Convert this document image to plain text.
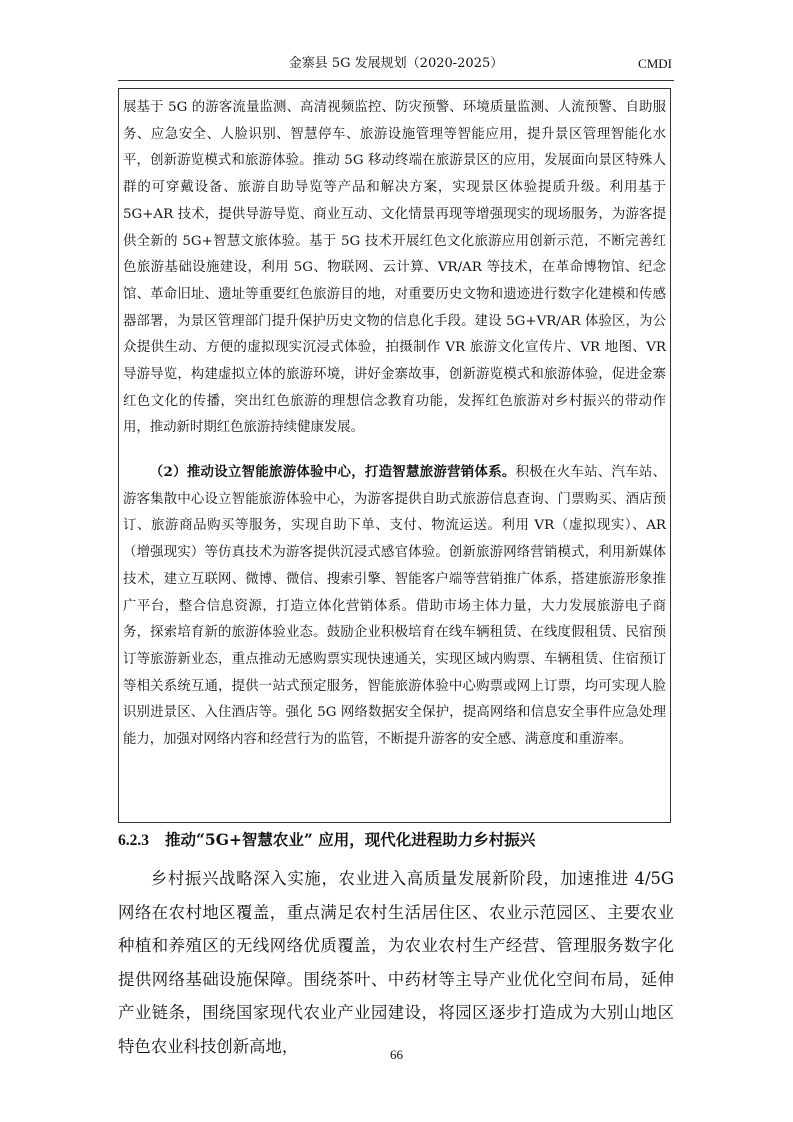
金寨县 5G 发展规划（2020-2025）	CMDI

展基于 5G 的游客流量监测、高清视频监控、防灾预警、环境质量监测、人流预警、自助服务、应急安全、人脸识别、智慧停车、旅游设施管理等智能应用，提升景区管理智能化水平，创新游览模式和旅游体验。推动 5G 移动终端在旅游景区的应用，发展面向景区特殊人群的可穿戴设备、旅游自助导览等产品和解决方案，实现景区体验提质升级。利用基于 5G+AR 技术，提供导游导览、商业互动、文化情景再现等增强现实的现场服务，为游客提供全新的 5G+智慧文旅体验。基于 5G 技术开展红色文化旅游应用创新示范，不断完善红色旅游基础设施建设，利用 5G、物联网、云计算、VR/AR 等技术，在革命博物馆、纪念馆、革命旧址、遗址等重要红色旅游目的地，对重要历史文物和遗迹进行数字化建模和传感器部署，为景区管理部门提升保护历史文物的信息化手段。建设 5G+VR/AR 体验区，为公众提供生动、方便的虚拟现实沉浸式体验，拍摄制作 VR 旅游文化宣传片、VR 地图、VR 导游导览，构建虚拟立体的旅游环境，讲好金寨故事，创新游览模式和旅游体验，促进金寨红色文化的传播，突出红色旅游的理想信念教育功能，发挥红色旅游对乡村振兴的带动作用，推动新时期红色旅游持续健康发展。

（2）推动设立智能旅游体验中心，打造智慧旅游营销体系。积极在火车站、汽车站、游客集散中心设立智能旅游体验中心，为游客提供自助式旅游信息查询、门票购买、酒店预订、旅游商品购买等服务，实现自助下单、支付、物流运送。利用 VR（虚拟现实）、AR（增强现实）等仿真技术为游客提供沉浸式感官体验。创新旅游网络营销模式，利用新媒体技术，建立互联网、微博、微信、搜索引擎、智能客户端等营销推广体系，搭建旅游形象推广平台，整合信息资源，打造立体化营销体系。借助市场主体力量，大力发展旅游电子商务，探索培育新的旅游体验业态。鼓励企业积极培育在线车辆租赁、在线度假租赁、民宿预订等旅游新业态，重点推动无感购票实现快速通关，实现区域内购票、车辆租赁、住宿预订等相关系统互通，提供一站式预定服务，智能旅游体验中心购票或网上订票，均可实现人脸识别进景区、入住酒店等。强化 5G 网络数据安全保护，提高网络和信息安全事件应急处理能力，加强对网络内容和经营行为的监管，不断提升游客的安全感、满意度和重游率。

6.2.3 推动“5G+智慧农业” 应用，现代化进程助力乡村振兴

乡村振兴战略深入实施，农业进入高质量发展新阶段，加速推进 4/5G 网络在农村地区覆盖，重点满足农村生活居住区、农业示范园区、主要农业种植和养殖区的无线网络优质覆盖，为农业农村生产经营、管理服务数字化提供网络基础设施保障。围绕茶叶、中药材等主导产业优化空间布局，延伸产业链条，围绕国家现代农业产业园建设，将园区逐步打造成为大别山地区特色农业科技创新高地，	66
